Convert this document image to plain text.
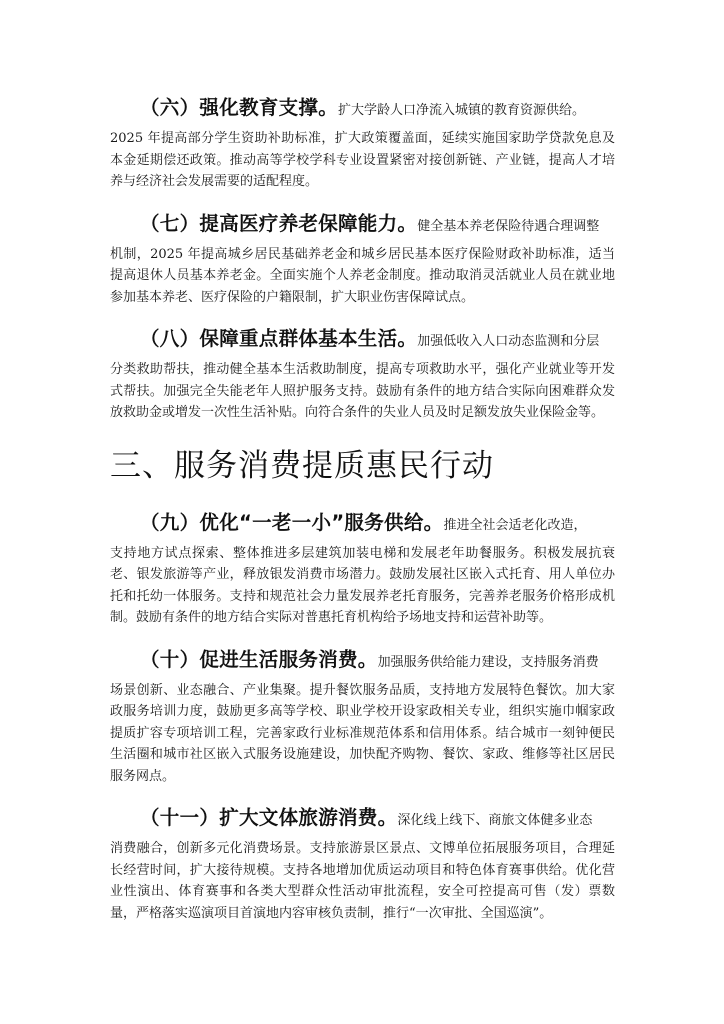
（六）强化教育支撑。扩大学龄人口净流入城镇的教育资源供给。
2025 年提高部分学生资助补助标准，扩大政策覆盖面，延续实施国家助学贷款免息及本金延期偿还政策。推动高等学校学科专业设置紧密对接创新链、产业链，提高人才培养与经济社会发展需要的适配程度。
（七）提高医疗养老保障能力。健全基本养老保险待遇合理调整
机制，2025 年提高城乡居民基础养老金和城乡居民基本医疗保险财政补助标准，适当提高退休人员基本养老金。全面实施个人养老金制度。推动取消灵活就业人员在就业地参加基本养老、医疗保险的户籍限制，扩大职业伤害保障试点。
（八）保障重点群体基本生活。加强低收入人口动态监测和分层
分类救助帮扶，推动健全基本生活救助制度，提高专项救助水平，强化产业就业等开发式帮扶。加强完全失能老年人照护服务支持。鼓励有条件的地方结合实际向困难群众发放救助金或增发一次性生活补贴。向符合条件的失业人员及时足额发放失业保险金等。
三、服务消费提质惠民行动
（九）优化“一老一小”服务供给。推进全社会适老化改造，
支持地方试点探索、整体推进多层建筑加装电梯和发展老年助餐服务。积极发展抗衰老、银发旅游等产业，释放银发消费市场潜力。鼓励发展社区嵌入式托育、用人单位办托和托幼一体服务。支持和规范社会力量发展养老托育服务，完善养老服务价格形成机制。鼓励有条件的地方结合实际对普惠托育机构给予场地支持和运营补助等。
（十）促进生活服务消费。加强服务供给能力建设，支持服务消费
场景创新、业态融合、产业集聚。提升餐饮服务品质，支持地方发展特色餐饮。加大家政服务培训力度，鼓励更多高等学校、职业学校开设家政相关专业，组织实施巾帼家政提质扩容专项培训工程，完善家政行业标准规范体系和信用体系。结合城市一刻钟便民生活圈和城市社区嵌入式服务设施建设，加快配齐购物、餐饮、家政、维修等社区居民服务网点。
（十一）扩大文体旅游消费。深化线上线下、商旅文体健多业态
消费融合，创新多元化消费场景。支持旅游景区景点、文博单位拓展服务项目，合理延长经营时间，扩大接待规模。支持各地增加优质运动项目和特色体育赛事供给。优化营业性演出、体育赛事和各类大型群众性活动审批流程，安全可控提高可售（发）票数量，严格落实巡演项目首演地内容审核负责制，推行“一次审批、全国巡演”。
